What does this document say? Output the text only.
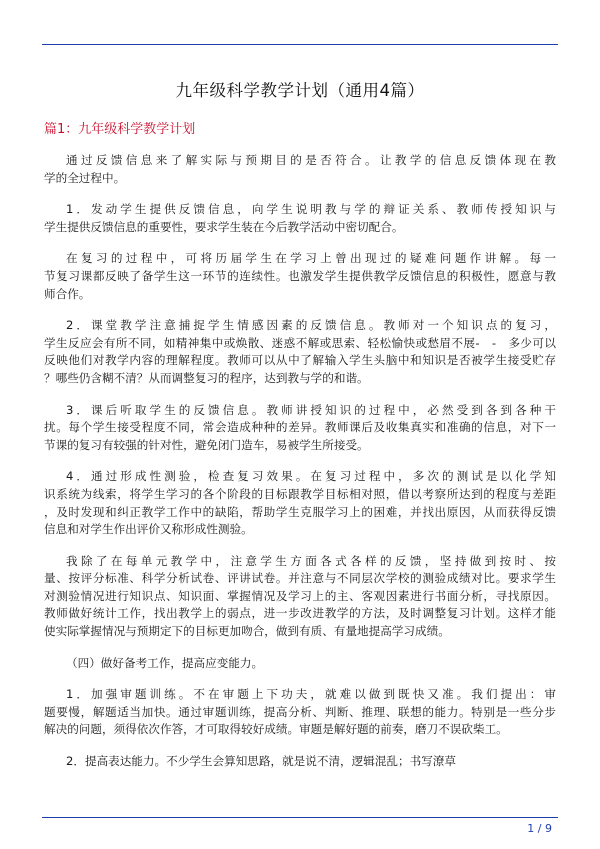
九年级科学教学计划（通用4篇）
篇1：九年级科学教学计划
通过反馈信息来了解实际与预期目的是否符合。让教学的信息反馈体现在教
学的全过程中。
1．发动学生提供反馈信息，向学生说明教与学的辩证关系、教师传授知识与
学生提供反馈信息的重要性，要求学生装在今后教学活动中密切配合。
在复习的过程中，可将历届学生在学习上曾出现过的疑难问题作讲解。每一
节复习课都反映了备学生这一环节的连续性。也激发学生提供教学反馈信息的积极性，愿意与教
师合作。
2．课堂教学注意捕捉学生情感因素的反馈信息。教师对一个知识点的复习，
学生反应会有所不同，如精神集中或焕散、迷惑不解或思索、轻松愉快或愁眉不展-　-　多少可以
反映他们对教学内容的理解程度。教师可以从中了解输入学生头脑中和知识是否被学生接受贮存
？哪些仍含糊不清？从而调整复习的程序，达到教与学的和谐。
3．课后听取学生的反馈信息。教师讲授知识的过程中，必然受到各到各种干
扰。每个学生接受程度不同，常会造成种种的差异。教师课后及收集真实和准确的信息，对下一
节课的复习有较强的针对性，避免闭门造车，易被学生所接受。
4．通过形成性测验，检查复习效果。在复习过程中，多次的测试是以化学知
识系统为线索，将学生学习的各个阶段的目标跟教学目标相对照，借以考察所达到的程度与差距
，及时发现和纠正教学工作中的缺陷，帮助学生克服学习上的困难，并找出原因，从而获得反馈
信息和对学生作出评价又称形成性测验。
我除了在每单元教学中，注意学生方面各式各样的反馈，坚持做到按时、按
量、按评分标准、科学分析试卷、评讲试卷。并注意与不同层次学校的测验成绩对比。要求学生
对测验情况进行知识点、知识面、掌握情况及学习上的主、客观因素进行书面分析，寻找原因。
教师做好统计工作，找出教学上的弱点，进一步改进教学的方法，及时调整复习计划。这样才能
使实际掌握情况与预期定下的目标更加吻合，做到有质、有量地提高学习成绩。
（四）做好备考工作，提高应变能力。
1．加强审题训练。不在审题上下功夫，就难以做到既快又准。我们提出：审
题要慢，解题适当加快。通过审题训练，提高分析、判断、推理、联想的能力。特别是一些分步
解决的问题，须得依次作答，才可取得较好成绩。审题是解好题的前奏，磨刀不误砍柴工。
2．提高表达能力。不少学生会算知思路，就是说不清，逻辑混乱；书写潦草
1 / 9
